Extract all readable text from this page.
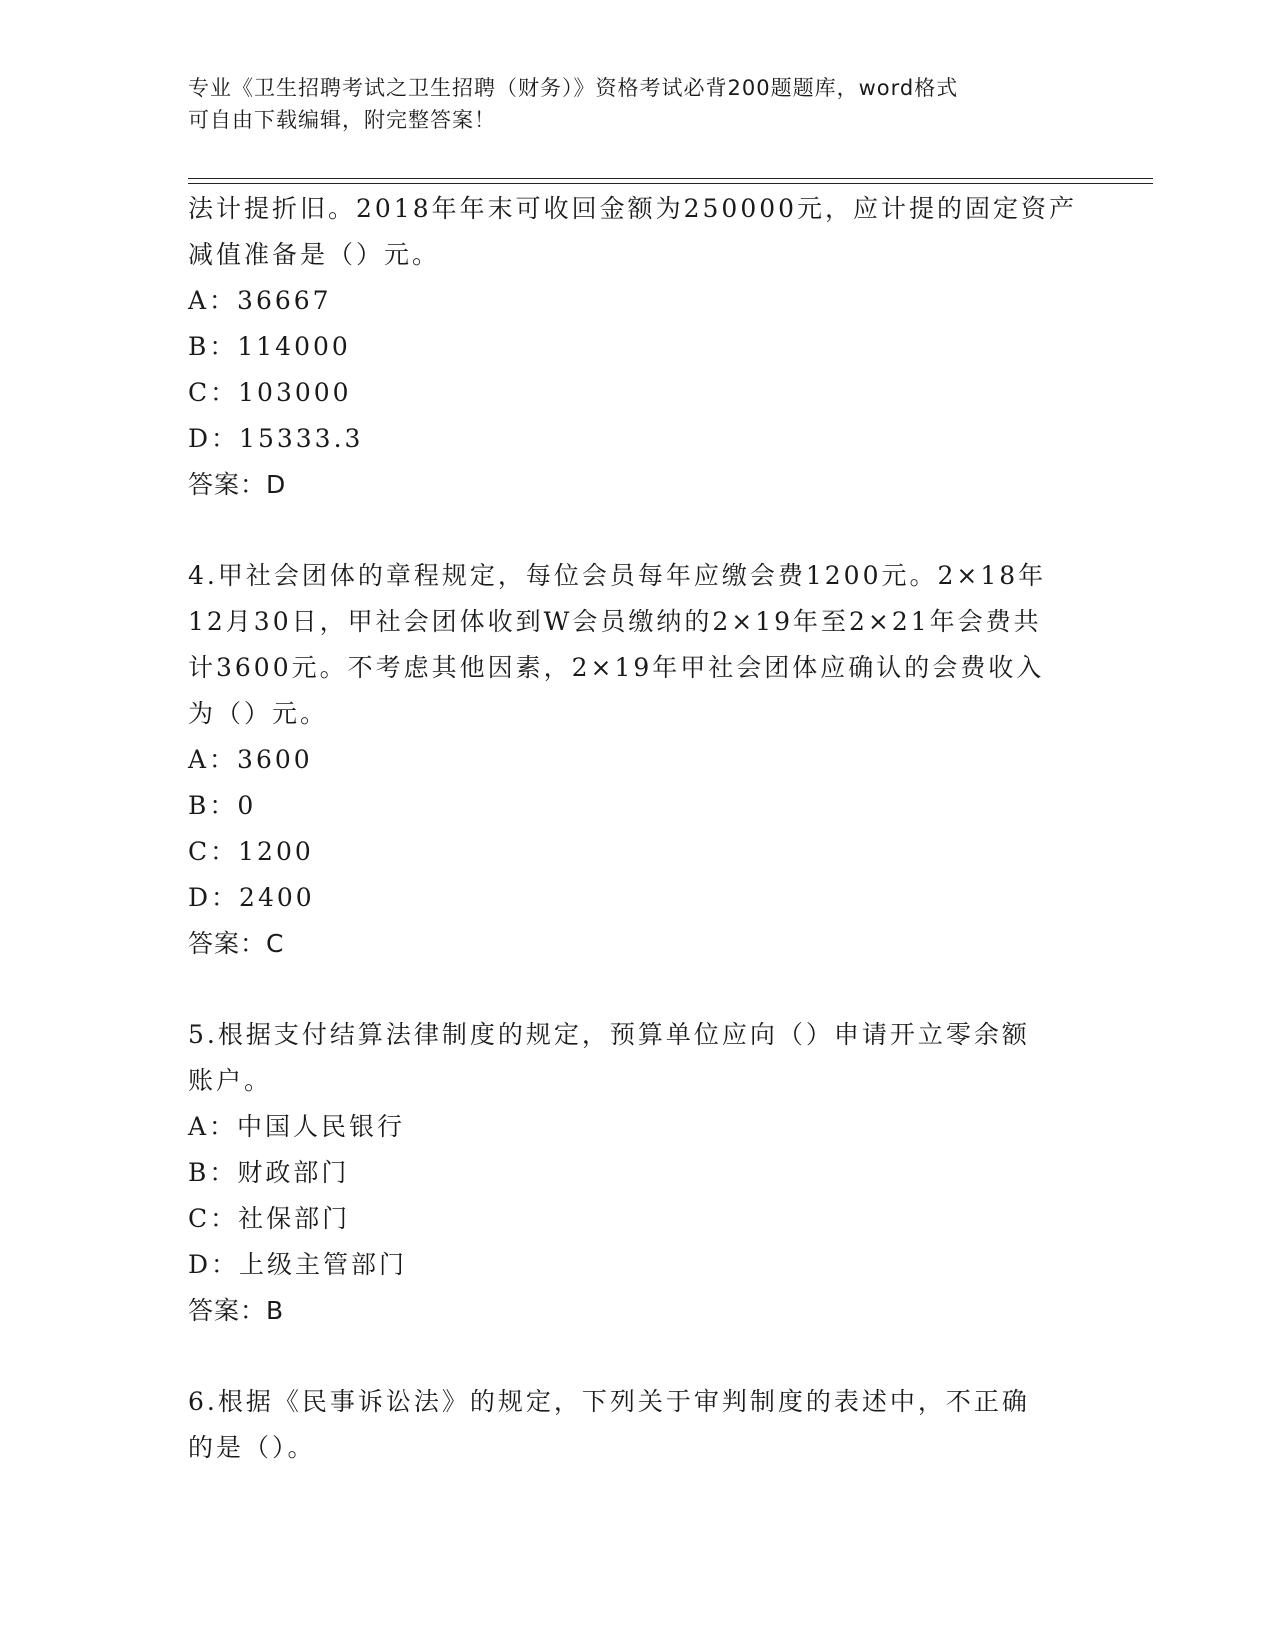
专业《卫生招聘考试之卫生招聘（财务）》资格考试必背200题题库，word格式
可自由下载编辑，附完整答案！
法计提折旧。2018年年末可收回金额为250000元，应计提的固定资产
减值准备是（）元。
A：36667
B：114000
C：103000
D：15333.3
答案：D
4.甲社会团体的章程规定，每位会员每年应缴会费1200元。2×18年
12月30日，甲社会团体收到W会员缴纳的2×19年至2×21年会费共
计3600元。不考虑其他因素，2×19年甲社会团体应确认的会费收入
为（）元。
A：3600
B：0
C：1200
D：2400
答案：C
5.根据支付结算法律制度的规定，预算单位应向（）申请开立零余额
账户。
A：中国人民银行
B：财政部门
C：社保部门
D：上级主管部门
答案：B
6.根据《民事诉讼法》的规定，下列关于审判制度的表述中，不正确
的是（）。
